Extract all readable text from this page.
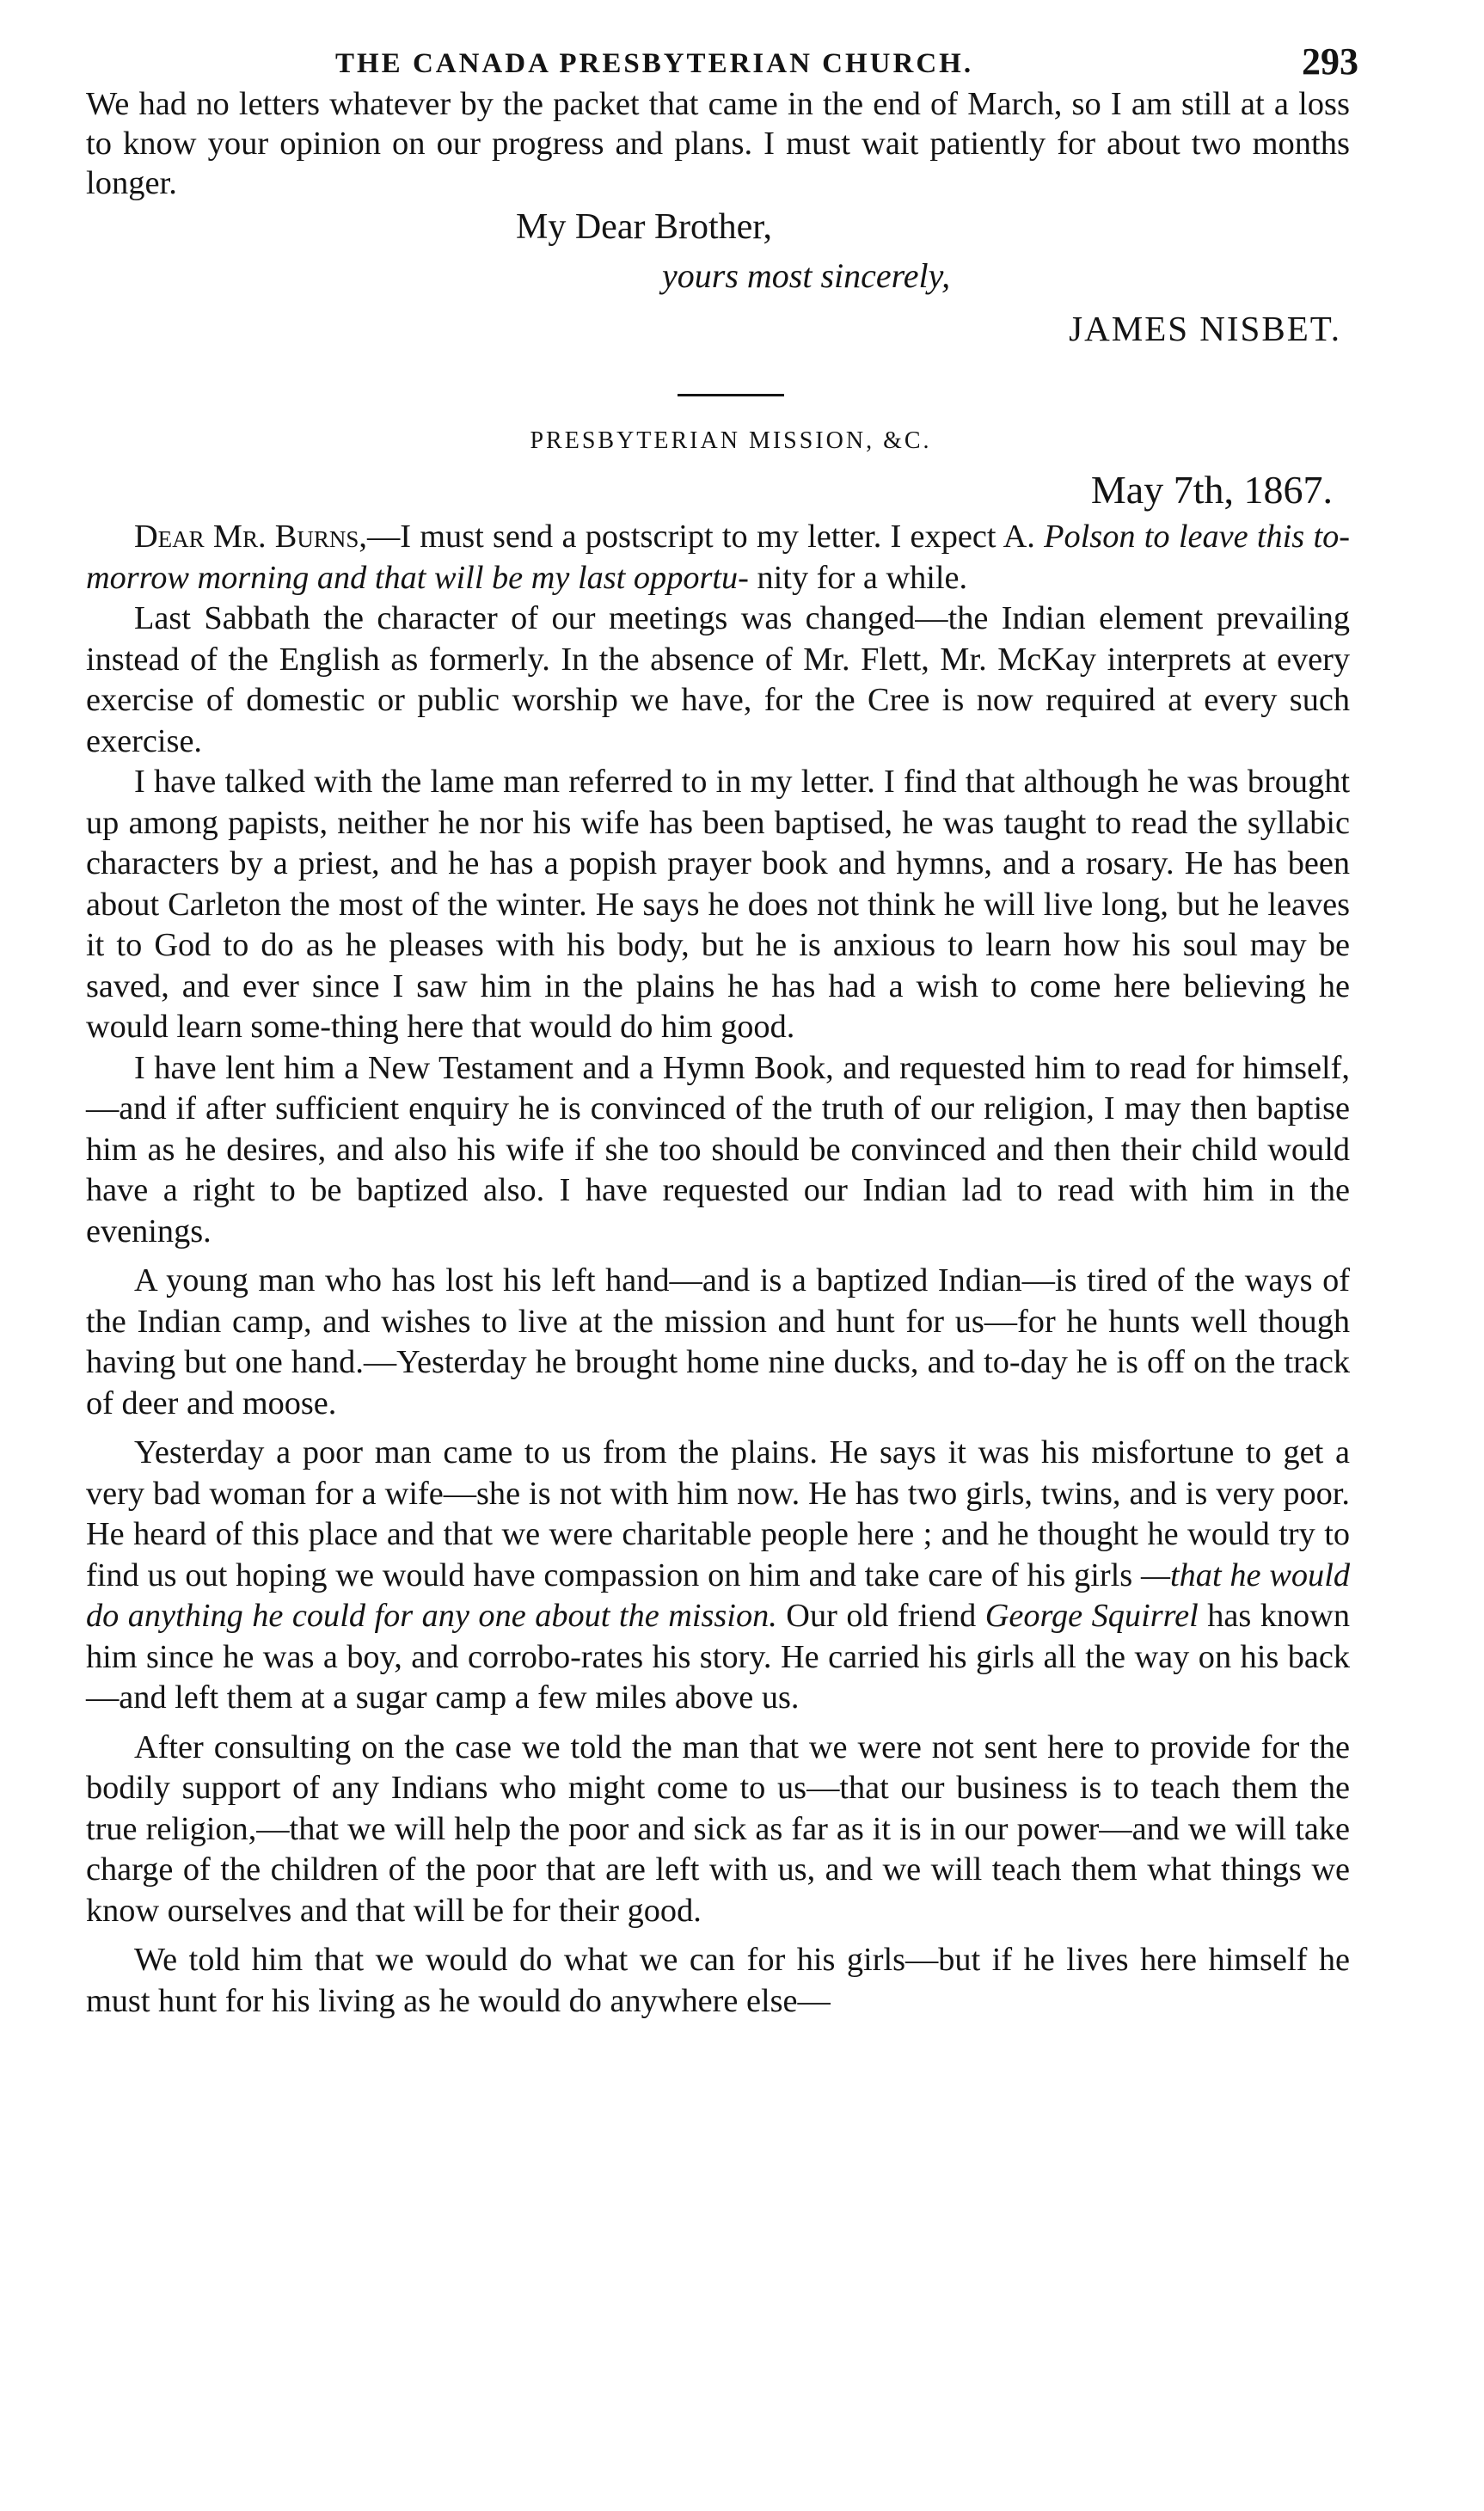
THE CANADA PRESBYTERIAN CHURCH.	293
We had no letters whatever by the packet that came in the end of March, so I am still at a loss to know your opinion on our progress and plans. I must wait patiently for about two months longer.
My Dear Brother,
yours most sincerely,
JAMES NISBET.
PRESBYTERIAN MISSION, &C.
May 7th, 1867.

Dear Mr. Burns,—I must send a postscript to my letter. I expect A. Polson to leave this to-morrow morning and that will be my last opportu- nity for a while.

Last Sabbath the character of our meetings was changed—the Indian element prevailing instead of the English as formerly. In the absence of Mr. Flett, Mr. McKay interprets at every exercise of domestic or public worship we have, for the Cree is now required at every such exercise.

I have talked with the lame man referred to in my letter. I find that although he was brought up among papists, neither he nor his wife has been baptised, he was taught to read the syllabic characters by a priest, and he has a popish prayer book and hymns, and a rosary. He has been about Carleton the most of the winter. He says he does not think he will live long, but he leaves it to God to do as he pleases with his body, but he is anxious to learn how his soul may be saved, and ever since I saw him in the plains he has had a wish to come here believing he would learn some-thing here that would do him good.

I have lent him a New Testament and a Hymn Book, and requested him to read for himself,—and if after sufficient enquiry he is convinced of the truth of our religion, I may then baptise him as he desires, and also his wife if she too should be convinced and then their child would have a right to be baptized also. I have requested our Indian lad to read with him in the evenings.

A young man who has lost his left hand—and is a baptized Indian—is tired of the ways of the Indian camp, and wishes to live at the mission and hunt for us—for he hunts well though having but one hand.—Yesterday he brought home nine ducks, and to-day he is off on the track of deer and moose.

Yesterday a poor man came to us from the plains. He says it was his misfortune to get a very bad woman for a wife—she is not with him now. He has two girls, twins, and is very poor. He heard of this place and that we were charitable people here ; and he thought he would try to find us out hoping we would have compassion on him and take care of his girls —that he would do anything he could for any one about the mission. Our old friend George Squirrel has known him since he was a boy, and corrobo-rates his story. He carried his girls all the way on his back—and left them at a sugar camp a few miles above us.

After consulting on the case we told the man that we were not sent here to provide for the bodily support of any Indians who might come to us—that our business is to teach them the true religion,—that we will help the poor and sick as far as it is in our power—and we will take charge of the children of the poor that are left with us, and we will teach them what things we know ourselves and that will be for their good.

We told him that we would do what we can for his girls—but if he lives here himself he must hunt for his living as he would do anywhere else—
